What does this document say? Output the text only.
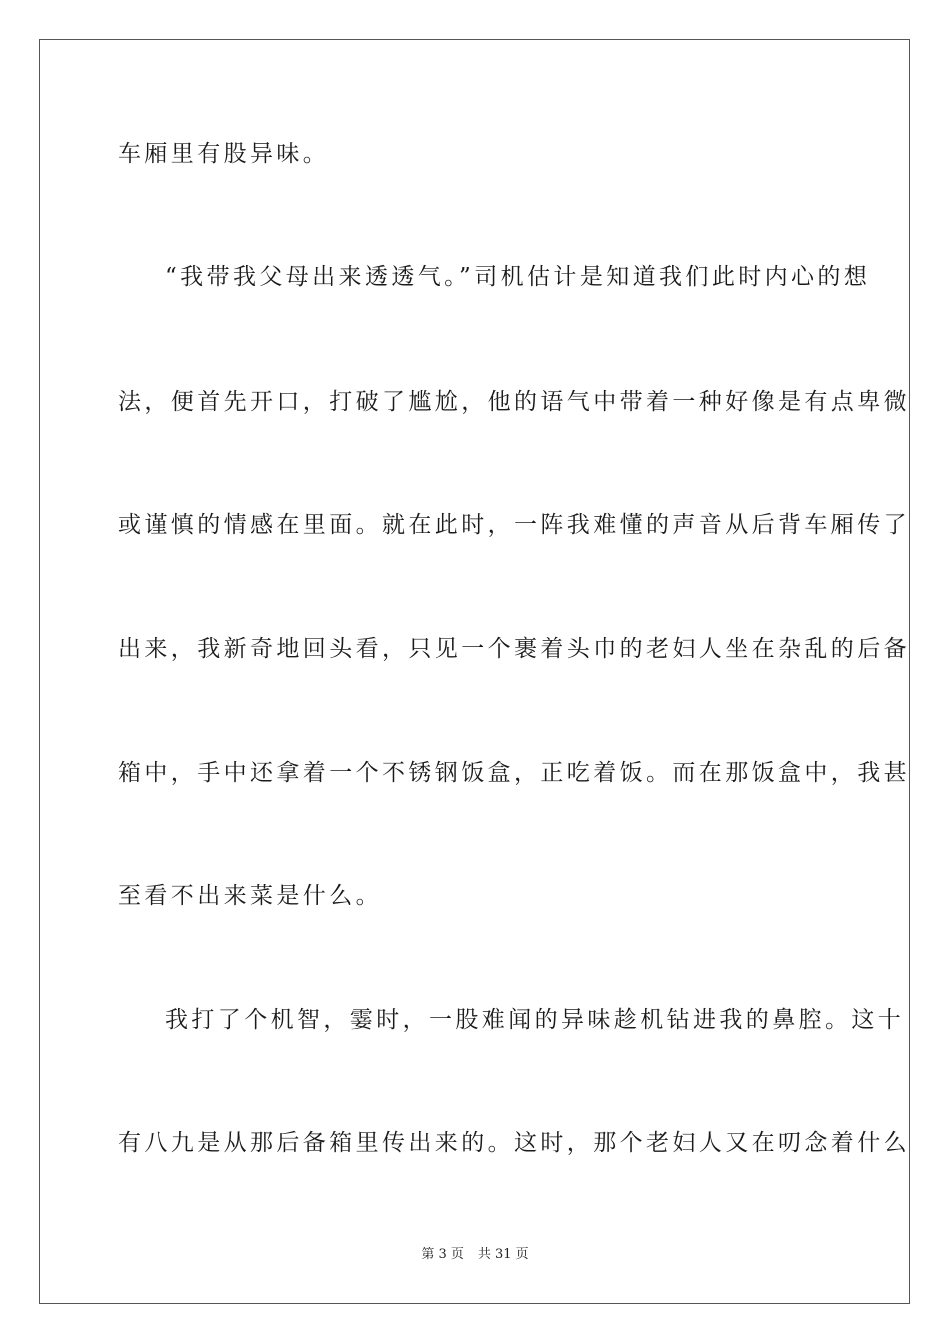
车厢里有股异味。
“我带我父母出来透透气。”司机估计是知道我们此时内心的想
法，便首先开口，打破了尴尬，他的语气中带着一种好像是有点卑微
或谨慎的情感在里面。就在此时，一阵我难懂的声音从后背车厢传了
出来，我新奇地回头看，只见一个裹着头巾的老妇人坐在杂乱的后备
箱中，手中还拿着一个不锈钢饭盒，正吃着饭。而在那饭盒中，我甚
至看不出来菜是什么。
我打了个机智，霎时，一股难闻的异味趁机钻进我的鼻腔。这十
有八九是从那后备箱里传出来的。这时，那个老妇人又在叨念着什么
第 3 页 共 31 页
